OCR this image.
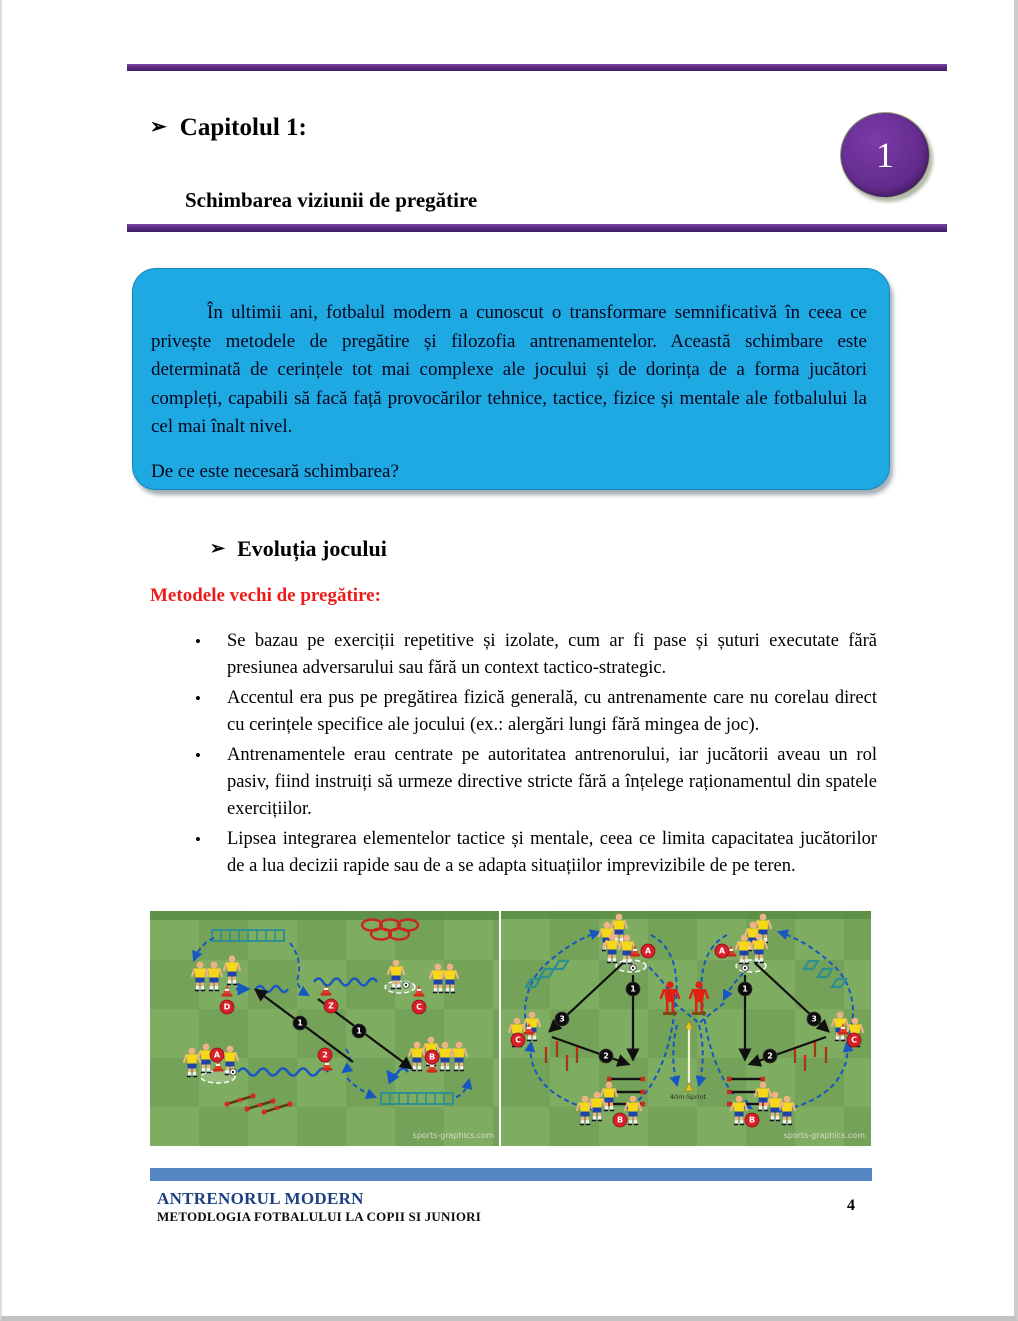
➢ Capitolul 1:
1
Schimbarea viziunii de pregătire

În ultimii ani, fotbalul modern a cunoscut o transformare semnificativă în ceea ce privește metodele de pregătire și filozofia antrenamentelor. Această schimbare este determinată de cerințele tot mai complexe ale jocului și de dorința de a forma jucători compleți, capabili să facă față provocărilor tehnice, tactice, fizice și mentale ale fotbalului la cel mai înalt nivel.

De ce este necesară schimbarea?

➢ Evoluția jocului
Metodele vechi de pregătire:
•	Se bazau pe exerciții repetitive și izolate, cum ar fi pase și șuturi executate fără presiunea adversarului sau fără un context tactico-strategic.
•	Accentul era pus pe pregătirea fizică generală, cu antrenamente care nu corelau direct cu cerințele specifice ale jocului (ex.: alergări lungi fără mingea de joc).
•	Antrenamentele erau centrate pe autoritatea antrenorului, iar jucătorii aveau un rol pasiv, fiind instruiți să urmeze directive stricte fără a înțelege raționamentul din spatele exercițiilor.
•	Lipsea integrarea elementelor tactice și mentale, ceea ce limita capacitatea jucătorilor de a lua decizii rapide sau de a se adapta situațiilor imprevizibile de pe teren.
1
1
D	Z	C
A	2	B
sports-graphics.com
1
3
2
1
3
2
A	A
C	C
B	B
40m-Sprint
sports-graphics.com
ANTRENORUL MODERN
METODLOGIA FOTBALULUI LA COPII SI JUNIORI
4
